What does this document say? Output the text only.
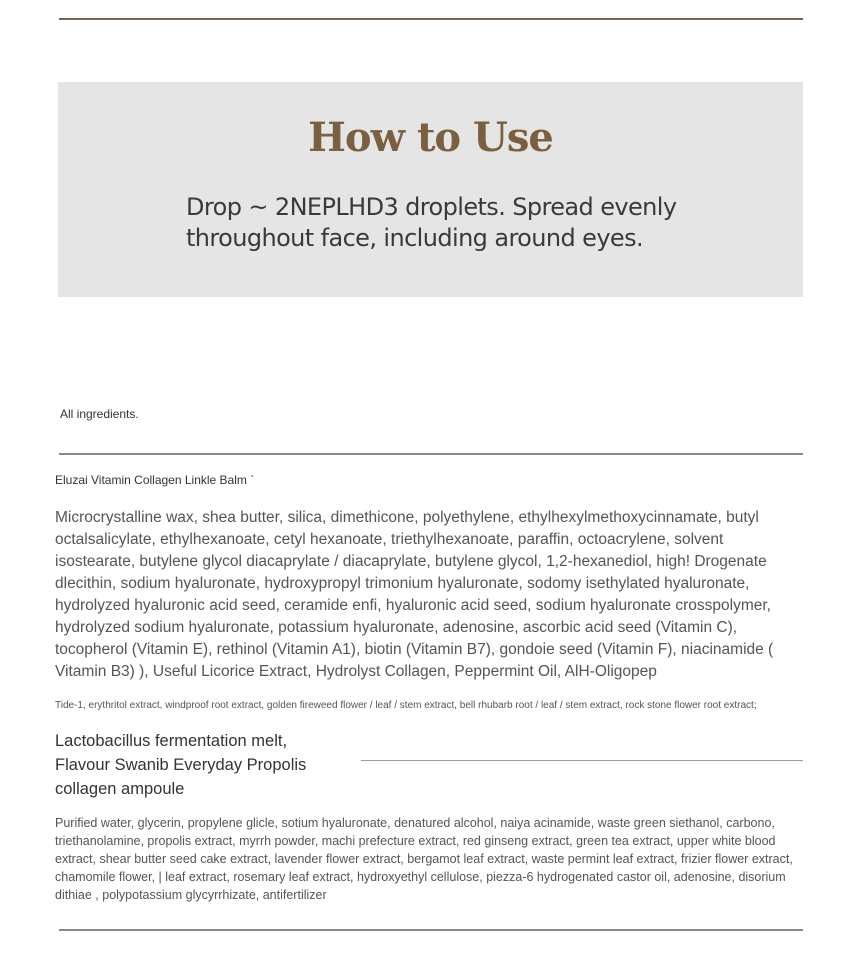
How to Use

Drop ~ 2NEPLHD3 droplets. Spread evenly throughout face, including around eyes.

All ingredients.
Eluzai Vitamin Collagen Linkle Balm `

Microcrystalline wax, shea butter, silica, dimethicone, polyethylene, ethylhexylmethoxycinnamate, butyl octalsalicylate, ethylhexanoate, cetyl hexanoate, triethylhexanoate, paraffin, octoacrylene, solvent isostearate, butylene glycol diacaprylate / diacaprylate, butylene glycol, 1,2-hexanediol, high! Drogenate dlecithin, sodium hyaluronate, hydroxypropyl trimonium hyaluronate, sodomy isethylated hyaluronate, hydrolyzed hyaluronic acid seed, ceramide enfi, hyaluronic acid seed, sodium hyaluronate crosspolymer, hydrolyzed sodium hyaluronate, potassium hyaluronate, adenosine, ascorbic acid seed (Vitamin C), tocopherol (Vitamin E), rethinol (Vitamin A1), biotin (Vitamin B7), gondoie seed (Vitamin F), niacinamide ( Vitamin B3) ), Useful Licorice Extract, Hydrolyst Collagen, Peppermint Oil, AlH-Oligopep

Tide-1, erythritol extract, windproof root extract, golden fireweed flower / leaf / stem extract, bell rhubarb root / leaf / stem extract, rock stone flower root extract;

Lactobacillus fermentation melt, Flavour Swanib Everyday Propolis collagen ampoule

Purified water, glycerin, propylene glicle, sotium hyaluronate, denatured alcohol, naiya acinamide, waste green siethanol, carbono, triethanolamine, propolis extract, myrrh powder, machi prefecture extract, red ginseng extract, green tea extract, upper white blood extract, shear butter seed cake extract, lavender flower extract, bergamot leaf extract, waste permint leaf extract, frizier flower extract, chamomile flower, | leaf extract, rosemary leaf extract, hydroxyethyl cellulose, piezza-6 hydrogenated castor oil, adenosine, disorium dithiae , polypotassium glycyrrhizate, antifertilizer
